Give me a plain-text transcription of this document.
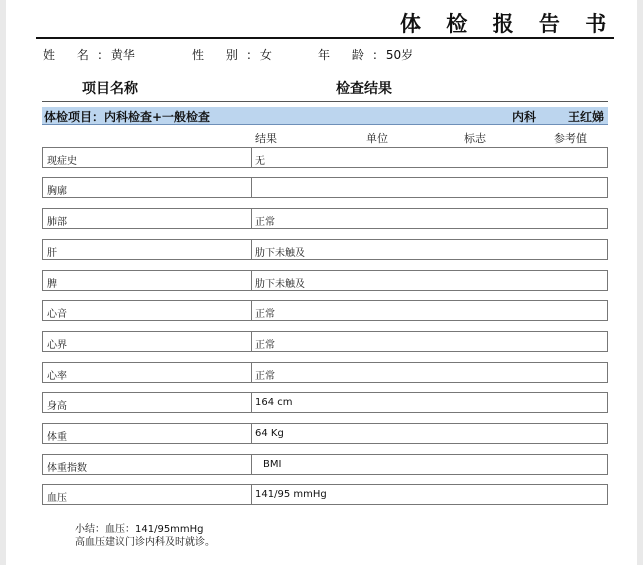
体 检 报 告 书
姓 名:黄华	性 别:女	年 龄:50岁
项目名称	检查结果
体检项目：内科检查+一般检查	内科	王红娣
结果	单位	标志	参考值
现症史	无
胸廓
肺部	正常
肝	肋下未触及
脾	肋下未触及
心音	正常
心界	正常
心率	正常
身高	164 cm
体重	64 Kg
体重指数	BMI
血压	141/95 mmHg
小结：血压：141/95mmHg
高血压建议门诊内科及时就诊。
